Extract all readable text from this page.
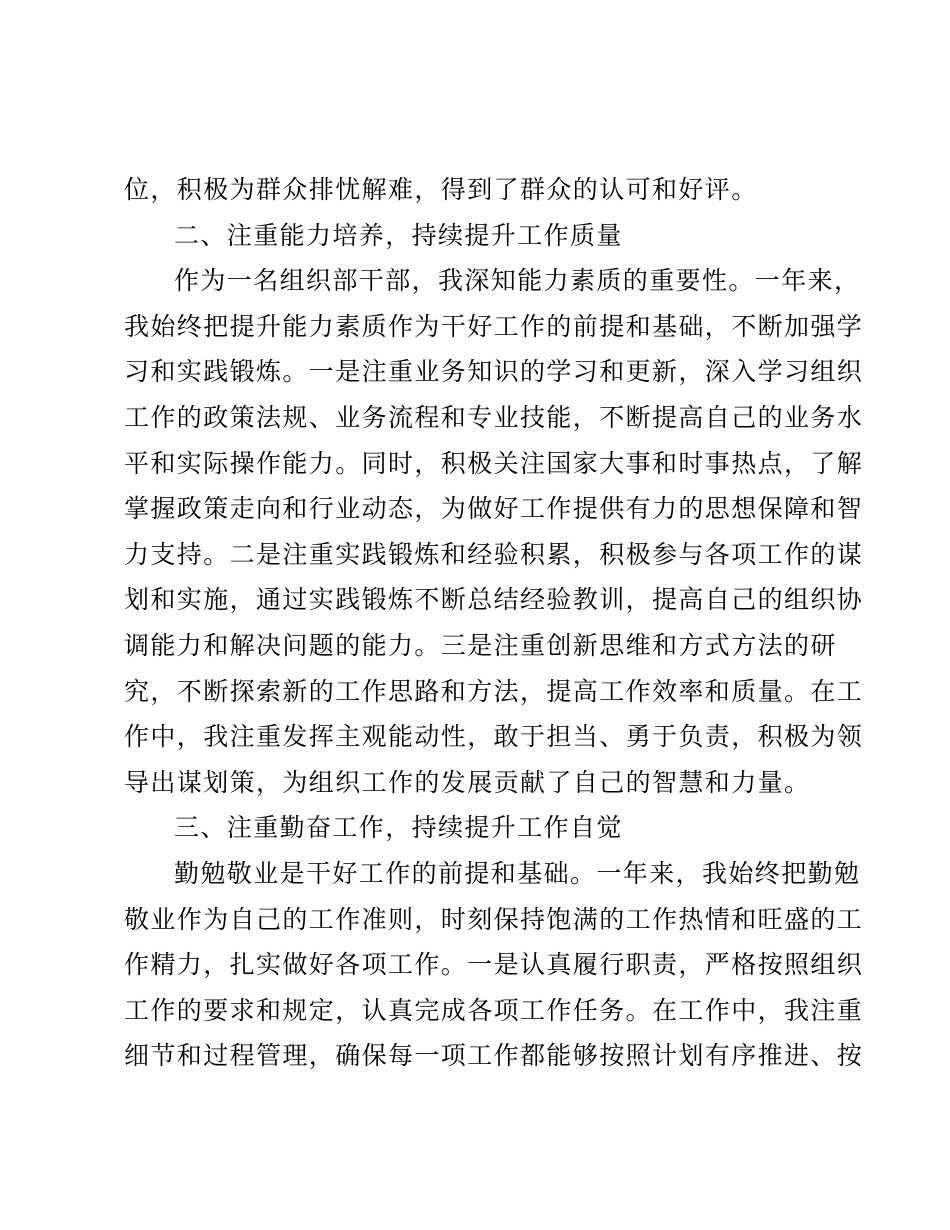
位，积极为群众排忧解难，得到了群众的认可和好评。
二、注重能力培养，持续提升工作质量
作为一名组织部干部，我深知能力素质的重要性。一年来，
我始终把提升能力素质作为干好工作的前提和基础，不断加强学
习和实践锻炼。一是注重业务知识的学习和更新，深入学习组织
工作的政策法规、业务流程和专业技能，不断提高自己的业务水
平和实际操作能力。同时，积极关注国家大事和时事热点，了解
掌握政策走向和行业动态，为做好工作提供有力的思想保障和智
力支持。二是注重实践锻炼和经验积累，积极参与各项工作的谋
划和实施，通过实践锻炼不断总结经验教训，提高自己的组织协
调能力和解决问题的能力。三是注重创新思维和方式方法的研
究，不断探索新的工作思路和方法，提高工作效率和质量。在工
作中，我注重发挥主观能动性，敢于担当、勇于负责，积极为领
导出谋划策，为组织工作的发展贡献了自己的智慧和力量。
三、注重勤奋工作，持续提升工作自觉
勤勉敬业是干好工作的前提和基础。一年来，我始终把勤勉
敬业作为自己的工作准则，时刻保持饱满的工作热情和旺盛的工
作精力，扎实做好各项工作。一是认真履行职责，严格按照组织
工作的要求和规定，认真完成各项工作任务。在工作中，我注重
细节和过程管理，确保每一项工作都能够按照计划有序推进、按
